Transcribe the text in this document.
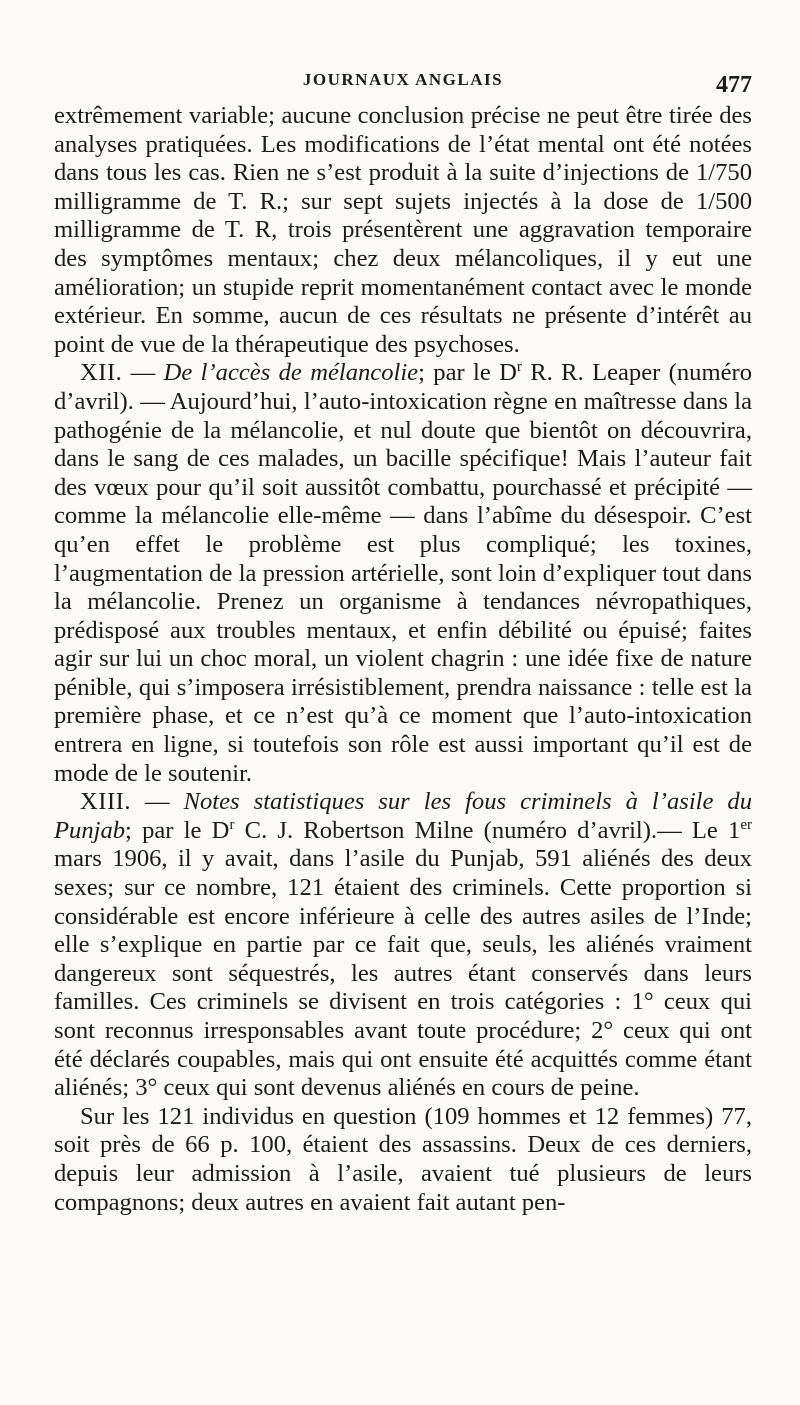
JOURNAUX ANGLAIS	477

extrêmement variable; aucune conclusion précise ne peut être tirée des analyses pratiquées. Les modifications de l’état mental ont été notées dans tous les cas. Rien ne s’est produit à la suite d’injections de 1/750 milligramme de T. R.; sur sept sujets injectés à la dose de 1/500 milligramme de T. R, trois présentèrent une aggravation temporaire des symptômes mentaux; chez deux mélancoliques, il y eut une amélioration; un stupide reprit momentanément contact avec le monde extérieur. En somme, aucun de ces résultats ne présente d’intérêt au point de vue de la thérapeutique des psychoses.

XII. — De l’accès de mélancolie; par le $D^r$ R. R. Leaper (numéro d’avril). — Aujourd’hui, l’auto-intoxication règne en maîtresse dans la pathogénie de la mélancolie, et nul doute que bientôt on découvrira, dans le sang de ces malades, un bacille spécifique! Mais l’auteur fait des vœux pour qu’il soit aussitôt combattu, pourchassé et précipité — comme la mélancolie elle-même — dans l’abîme du désespoir. C’est qu’en effet le problème est plus compliqué; les toxines, l’augmentation de la pression artérielle, sont loin d’expliquer tout dans la mélancolie. Prenez un organisme à tendances névropathiques, prédisposé aux troubles mentaux, et enfin débilité ou épuisé; faites agir sur lui un choc moral, un violent chagrin : une idée fixe de nature pénible, qui s’imposera irrésistiblement, prendra naissance : telle est la première phase, et ce n’est qu’à ce moment que l’auto-intoxication entrera en ligne, si toutefois son rôle est aussi important qu’il est de mode de le soutenir.

XIII. — Notes statistiques sur les fous criminels à l’asile du Punjab; par le $D^r$ C. J. Robertson Milne (numéro d’avril).— Le 1er mars 1906, il y avait, dans l’asile du Punjab, 591 aliénés des deux sexes; sur ce nombre, 121 étaient des criminels. Cette proportion si considérable est encore inférieure à celle des autres asiles de l’Inde; elle s’explique en partie par ce fait que, seuls, les aliénés vraiment dangereux sont séquestrés, les autres étant conservés dans leurs familles. Ces criminels se divisent en trois catégories : 1° ceux qui sont reconnus irresponsables avant toute procédure; 2° ceux qui ont été déclarés coupables, mais qui ont ensuite été acquittés comme étant aliénés; 3° ceux qui sont devenus aliénés en cours de peine.

Sur les 121 individus en question (109 hommes et 12 femmes) 77, soit près de 66 p. 100, étaient des assassins. Deux de ces derniers, depuis leur admission à l’asile, avaient tué plusieurs de leurs compagnons; deux autres en avaient fait autant pen-
